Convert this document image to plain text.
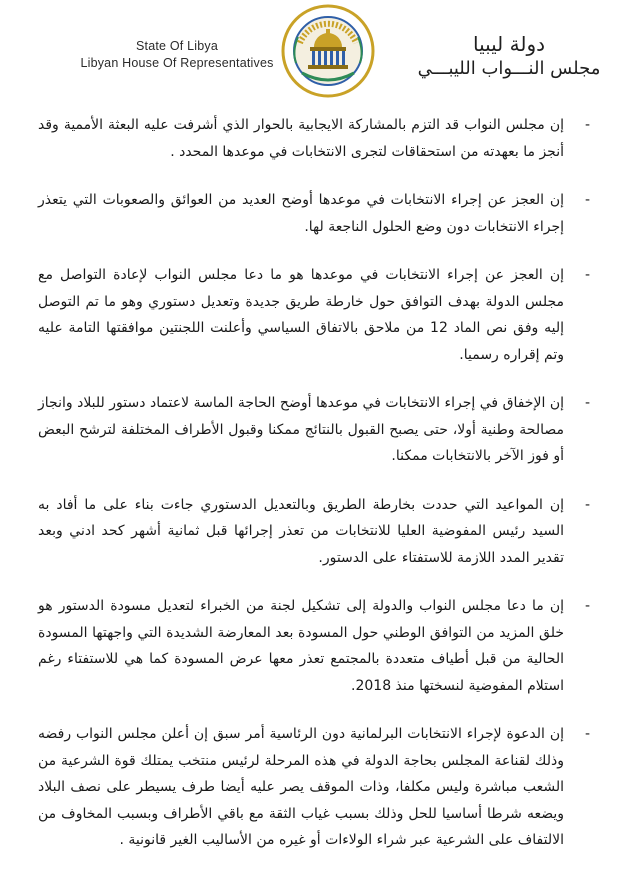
State Of Libya
Libyan House Of Representatives
دولة ليبيا
مجلس النـــواب الليبـــي
-
إن مجلس النواب قد التزم بالمشاركة الايجابية بالحوار الذي أشرفت عليه البعثة الأممية وقد أنجز ما بعهدته من استحقاقات لتجرى الانتخابات في موعدها المحدد .
-
إن العجز عن إجراء الانتخابات في موعدها أوضح العديد من العوائق والصعوبات التي يتعذر إجراء الانتخابات دون وضع الحلول الناجعة لها.
-
إن العجز عن إجراء الانتخابات في موعدها هو ما دعا مجلس النواب لإعادة التواصل مع مجلس الدولة بهدف التوافق حول خارطة طريق جديدة وتعديل دستوري وهو ما تم التوصل إليه وفق نص الماد 12 من ملاحق بالاتفاق السياسي وأعلنت اللجنتين موافقتها التامة عليه وتم إقراره رسميا.
-
إن الإخفاق في إجراء الانتخابات في موعدها أوضح الحاجة الماسة لاعتماد دستور للبلاد وانجاز مصالحة وطنية أولا، حتى يصبح القبول بالنتائج ممكنا وقبول الأطراف المختلفة لترشح البعض أو فوز الآخر بالانتخابات ممكنا.
-
إن المواعيد التي حددت بخارطة الطريق وبالتعديل الدستوري جاءت بناء على ما أفاد به السيد رئيس المفوضية العليا للانتخابات من تعذر إجرائها قبل ثمانية أشهر كحد ادني وبعد تقدير المدد اللازمة للاستفتاء على الدستور.
-
إن ما دعا مجلس النواب والدولة إلى تشكيل لجنة من الخبراء لتعديل مسودة الدستور هو خلق المزيد من التوافق الوطني حول المسودة بعد المعارضة الشديدة التي واجهتها المسودة الحالية من قبل أطياف متعددة بالمجتمع تعذر معها عرض المسودة كما هي للاستفتاء رغم استلام المفوضية لنسختها منذ 2018.
-
إن الدعوة لإجراء الانتخابات البرلمانية دون الرئاسية أمر سبق إن أعلن مجلس النواب رفضه وذلك لقناعة المجلس بحاجة الدولة في هذه المرحلة لرئيس منتخب يمتلك قوة الشرعية من الشعب مباشرة وليس مكلفا، وذات الموقف يصر عليه أيضا طرف يسيطر على نصف البلاد ويضعه شرطا أساسيا للحل وذلك بسبب غياب الثقة مع باقي الأطراف وبسبب المخاوف من الالتفاف على الشرعية عبر شراء الولاءات أو غيره من الأساليب الغير قانونية .
